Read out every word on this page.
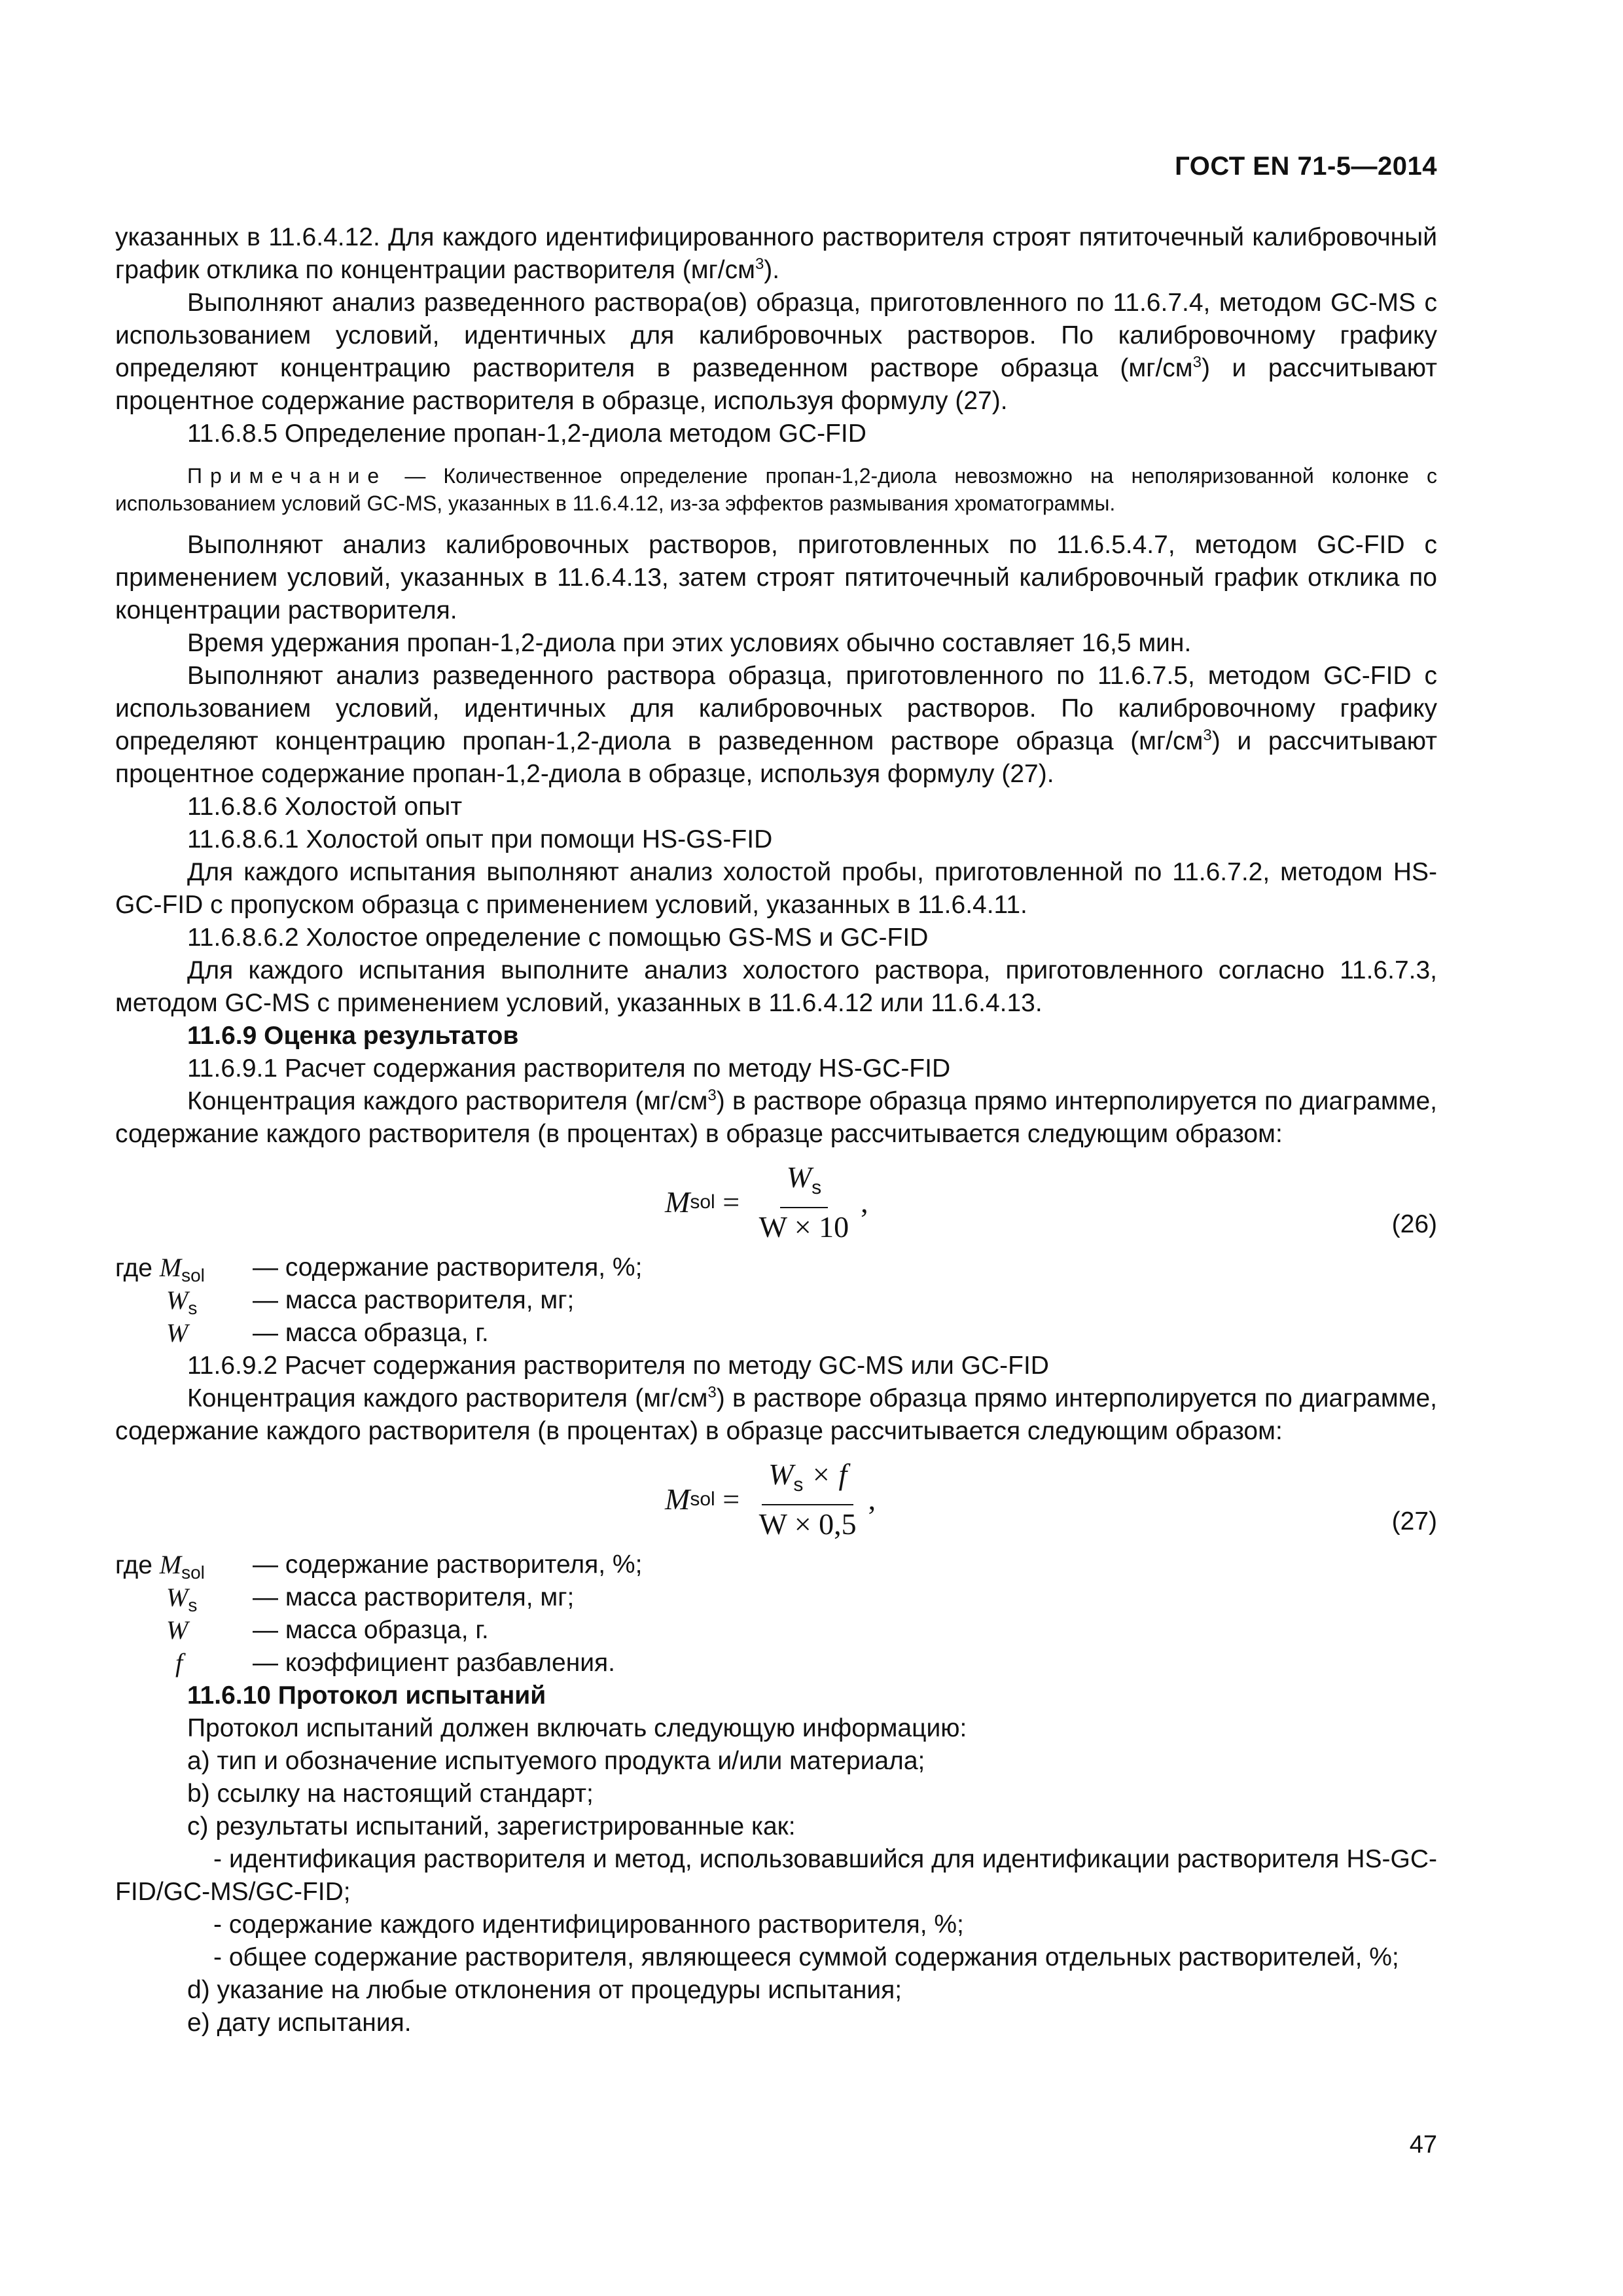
ГОСТ EN 71-5—2014

указанных в 11.6.4.12. Для каждого идентифицированного растворителя строят пятиточечный калибровочный график отклика по концентрации растворителя $(мг/см^3)$.

Выполняют анализ разведенного раствора(ов) образца, приготовленного по 11.6.7.4, методом GC-MS с использованием условий, идентичных для калибровочных растворов. По калибровочному графику определяют концентрацию растворителя в разведенном растворе образца $(мг/см^3)$ и рассчитывают процентное содержание растворителя в образце, используя формулу (27).

11.6.8.5 Определение пропан-1,2-диола методом GC-FID

Примечание — Количественное определение пропан-1,2-диола невозможно на неполяризованной колонке с использованием условий GC-MS, указанных в 11.6.4.12, из-за эффектов размывания хроматограммы.

Выполняют анализ калибровочных растворов, приготовленных по 11.6.5.4.7, методом GC-FID с применением условий, указанных в 11.6.4.13, затем строят пятиточечный калибровочный график отклика по концентрации растворителя.

Время удержания пропан-1,2-диола при этих условиях обычно составляет 16,5 мин.

Выполняют анализ разведенного раствора образца, приготовленного по 11.6.7.5, методом GC-FID с использованием условий, идентичных для калибровочных растворов. По калибровочному графику определяют концентрацию пропан-1,2-диола в разведенном растворе образца $(мг/см^3)$ и рассчитывают процентное содержание пропан-1,2-диола в образце, используя формулу (27).

11.6.8.6 Холостой опыт

11.6.8.6.1 Холостой опыт при помощи HS-GS-FID

Для каждого испытания выполняют анализ холостой пробы, приготовленной по 11.6.7.2, методом HS-GC-FID с пропуском образца с применением условий, указанных в 11.6.4.11.

11.6.8.6.2 Холостое определение с помощью GS-MS и GC-FID

Для каждого испытания выполните анализ холостого раствора, приготовленного согласно 11.6.7.3, методом GC-MS с применением условий, указанных в 11.6.4.12 или 11.6.4.13.

11.6.9 Оценка результатов

11.6.9.1 Расчет содержания растворителя по методу HS-GC-FID

Концентрация каждого растворителя $(мг/см^3)$ в растворе образца прямо интерполируется по диаграмме, содержание каждого растворителя (в процентах) в образце рассчитывается следующим образом:

M sol = $\frac{W_s}{W \times 10}$ ,
(26)
где $M_{sol}$ — содержание растворителя, %;
$W_s$ — масса растворителя, мг;
W	— масса образца, г.

11.6.9.2 Расчет содержания растворителя по методу GC-MS или GC-FID

Концентрация каждого растворителя $(мг/см^3)$ в растворе образца прямо интерполируется по диаграмме, содержание каждого растворителя (в процентах) в образце рассчитывается следующим образом:

M sol = $\frac{W_s \times f}{W \times 0,5}$ ,
(27)
где $M_{sol}$ — содержание растворителя, %;
$W_s$ — масса растворителя, мг;
W	— масса образца, г.
f	— коэффициент разбавления.

11.6.10 Протокол испытаний

Протокол испытаний должен включать следующую информацию:

a) тип и обозначение испытуемого продукта и/или материала;

b) ссылку на настоящий стандарт;

c) результаты испытаний, зарегистрированные как:

- идентификация растворителя и метод, использовавшийся для идентификации растворителя HS-GC-FID/GC-MS/GC-FID;

- содержание каждого идентифицированного растворителя, %;

- общее содержание растворителя, являющееся суммой содержания отдельных растворителей, %;

d) указание на любые отклонения от процедуры испытания;

e) дату испытания.

47
